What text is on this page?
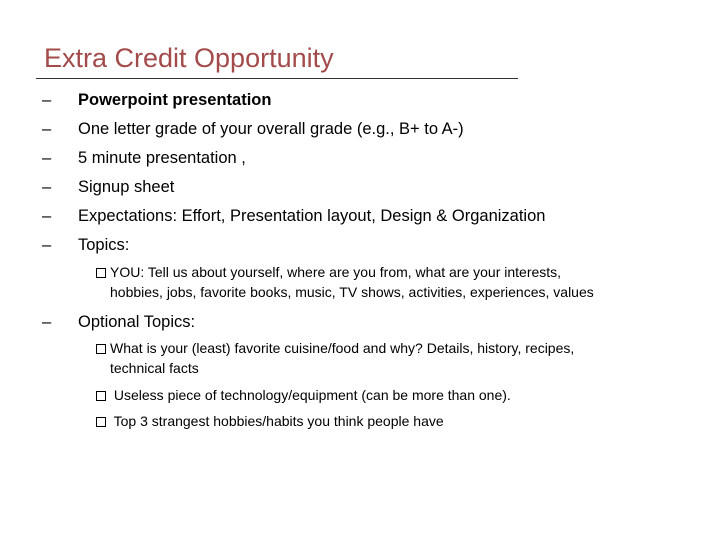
Extra Credit Opportunity
– Powerpoint presentation
– One letter grade of your overall grade (e.g., B+ to A-)
– 5 minute presentation ,
– Signup sheet
– Expectations: Effort, Presentation layout, Design & Organization
– Topics:
YOU: Tell us about yourself, where are you from, what are your interests,
hobbies, jobs, favorite books, music, TV shows, activities, experiences, values
– Optional Topics:
What is your (least) favorite cuisine/food and why? Details, history, recipes,
technical facts
Useless piece of technology/equipment (can be more than one).
Top 3 strangest hobbies/habits you think people have
